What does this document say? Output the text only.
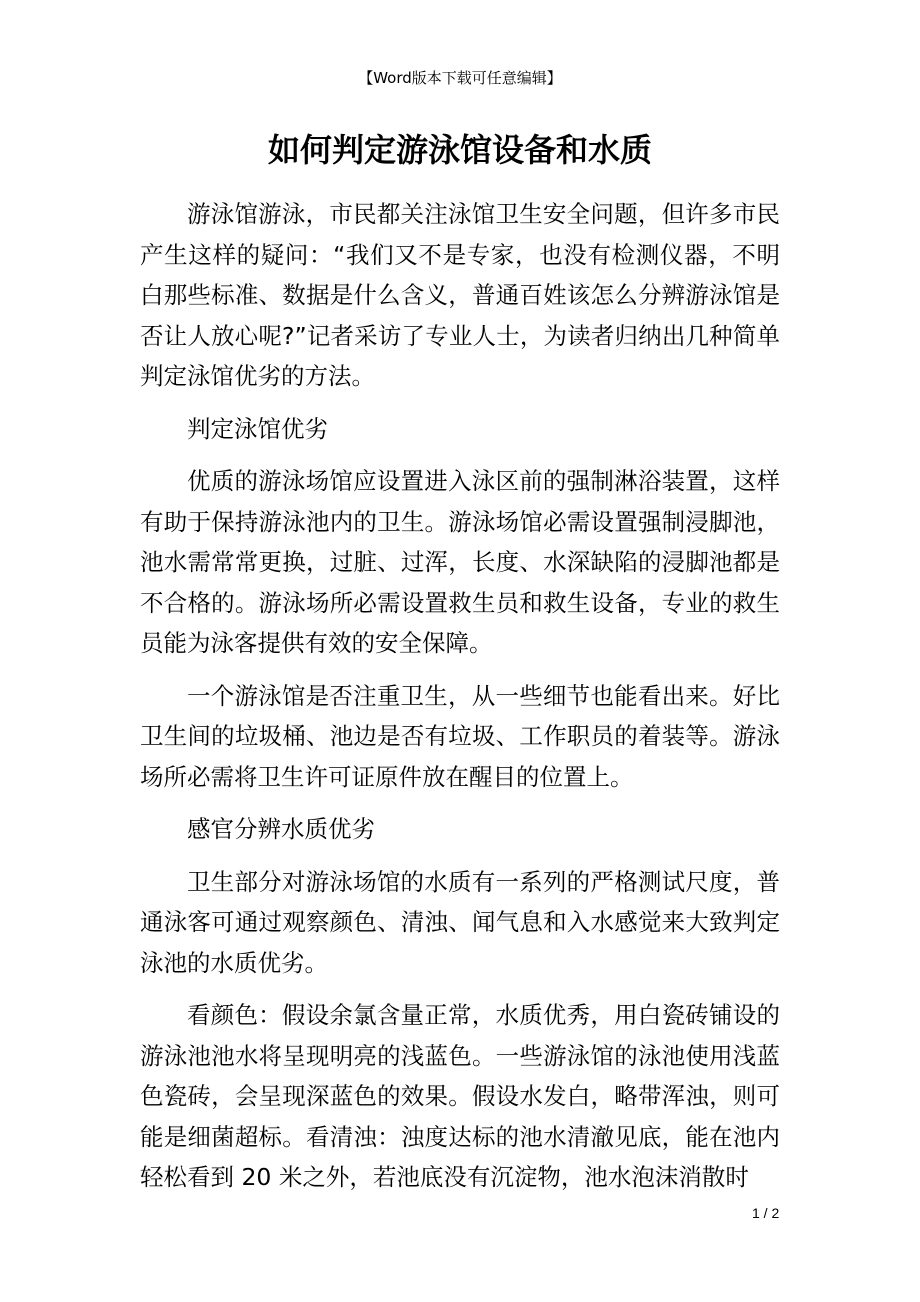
【Word版本下载可任意编辑】
如何判定游泳馆设备和水质

游泳馆游泳，市民都关注泳馆卫生安全问题，但许多市民产生这样的疑问：“我们又不是专家，也没有检测仪器，不明白那些标准、数据是什么含义，普通百姓该怎么分辨游泳馆是否让人放心呢?”记者采访了专业人士，为读者归纳出几种简单判定泳馆优劣的方法。

判定泳馆优劣

优质的游泳场馆应设置进入泳区前的强制淋浴装置，这样有助于保持游泳池内的卫生。游泳场馆必需设置强制浸脚池，池水需常常更换，过脏、过浑，长度、水深缺陷的浸脚池都是不合格的。游泳场所必需设置救生员和救生设备，专业的救生员能为泳客提供有效的安全保障。

一个游泳馆是否注重卫生，从一些细节也能看出来。好比卫生间的垃圾桶、池边是否有垃圾、工作职员的着装等。游泳场所必需将卫生许可证原件放在醒目的位置上。

感官分辨水质优劣

卫生部分对游泳场馆的水质有一系列的严格测试尺度，普通泳客可通过观察颜色、清浊、闻气息和入水感觉来大致判定泳池的水质优劣。

看颜色：假设余氯含量正常，水质优秀，用白瓷砖铺设的游泳池池水将呈现明亮的浅蓝色。一些游泳馆的泳池使用浅蓝色瓷砖，会呈现深蓝色的效果。假设水发白，略带浑浊，则可能是细菌超标。看清浊：浊度达标的池水清澈见底，能在池内轻松看到 20 米之外，若池底没有沉淀物，池水泡沫消散时

1 / 2
